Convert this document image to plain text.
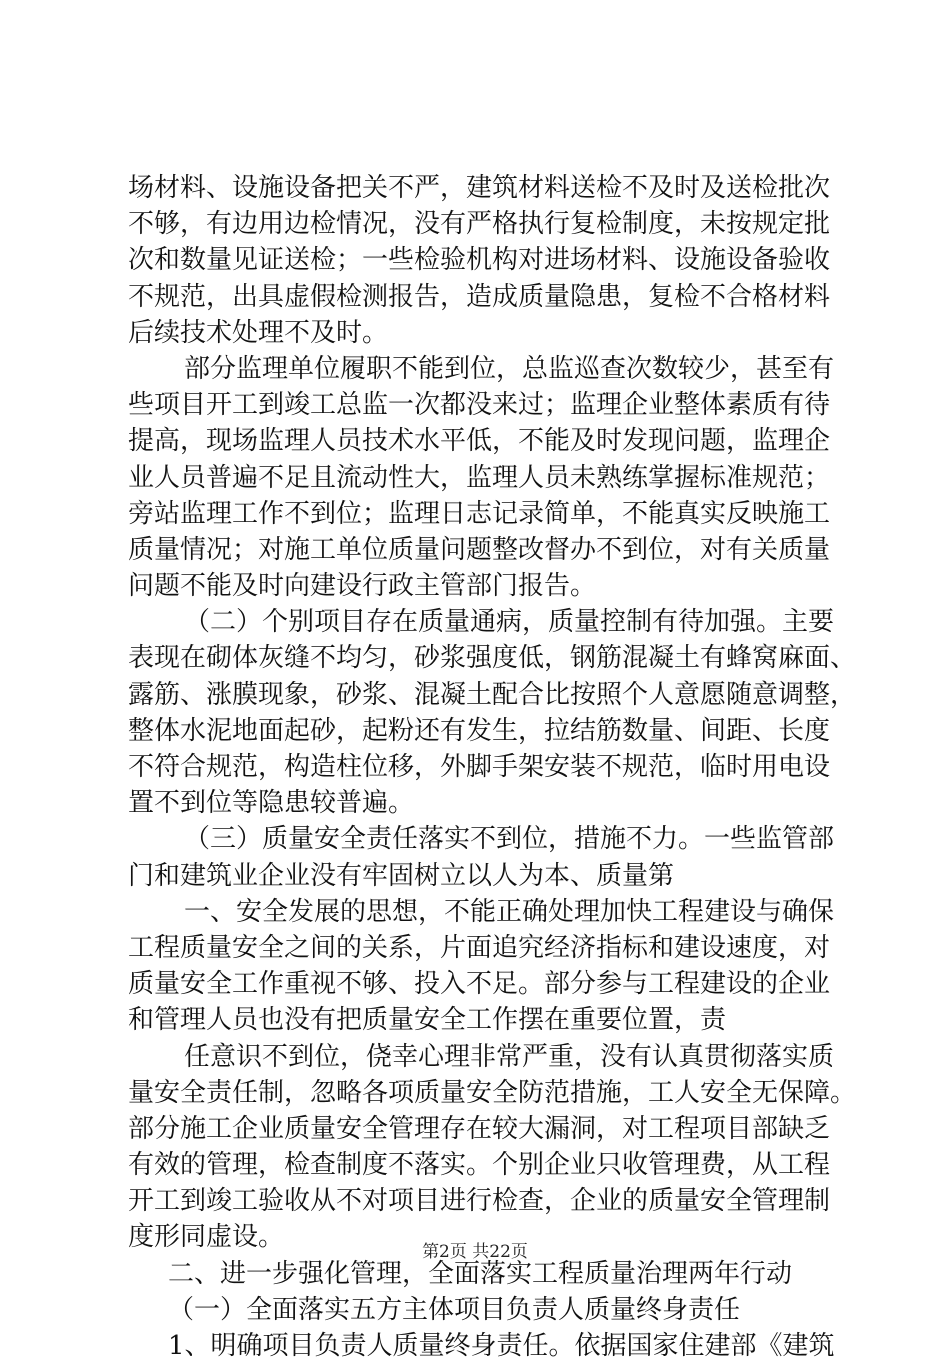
场材料、设施设备把关不严，建筑材料送检不及时及送检批次
不够，有边用边检情况，没有严格执行复检制度，未按规定批
次和数量见证送检；一些检验机构对进场材料、设施设备验收
不规范，出具虚假检测报告，造成质量隐患，复检不合格材料
后续技术处理不及时。
部分监理单位履职不能到位，总监巡查次数较少，甚至有
些项目开工到竣工总监一次都没来过；监理企业整体素质有待
提高，现场监理人员技术水平低，不能及时发现问题，监理企
业人员普遍不足且流动性大，监理人员未熟练掌握标准规范；
旁站监理工作不到位；监理日志记录简单，不能真实反映施工
质量情况；对施工单位质量问题整改督办不到位，对有关质量
问题不能及时向建设行政主管部门报告。
（二）个别项目存在质量通病，质量控制有待加强。主要
表现在砌体灰缝不均匀，砂浆强度低，钢筋混凝土有蜂窝麻面、
露筋、涨膜现象，砂浆、混凝土配合比按照个人意愿随意调整，
整体水泥地面起砂，起粉还有发生，拉结筋数量、间距、长度
不符合规范，构造柱位移，外脚手架安装不规范，临时用电设
置不到位等隐患较普遍。
（三）质量安全责任落实不到位，措施不力。一些监管部
门和建筑业企业没有牢固树立以人为本、质量第
一、安全发展的思想，不能正确处理加快工程建设与确保
工程质量安全之间的关系，片面追究经济指标和建设速度，对
质量安全工作重视不够、投入不足。部分参与工程建设的企业
和管理人员也没有把质量安全工作摆在重要位置，责
任意识不到位，侥幸心理非常严重，没有认真贯彻落实质
量安全责任制，忽略各项质量安全防范措施，工人安全无保障。
部分施工企业质量安全管理存在较大漏洞，对工程项目部缺乏
有效的管理，检查制度不落实。个别企业只收管理费，从工程
开工到竣工验收从不对项目进行检查，企业的质量安全管理制
度形同虚设。
二、进一步强化管理，全面落实工程质量治理两年行动
（一）全面落实五方主体项目负责人质量终身责任
1、明确项目负责人质量终身责任。依据国家住建部《建筑
第2页 共22页
